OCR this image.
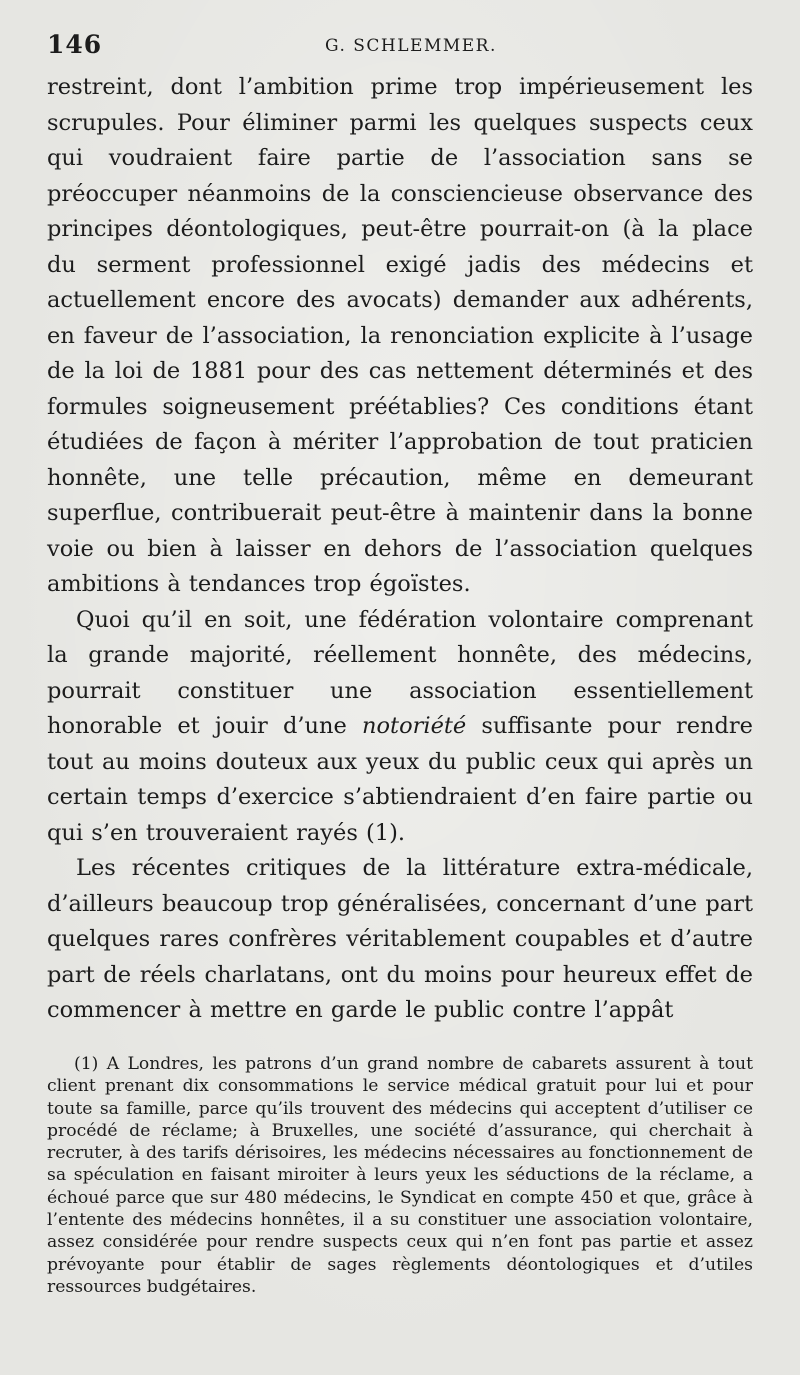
146	G. SCHLEMMER.

restreint, dont l’ambition prime trop impérieusement les scrupules. Pour éliminer parmi les quelques suspects ceux qui voudraient faire partie de l’association sans se préoccuper néanmoins de la consciencieuse observance des principes déontologiques, peut-être pourrait-on (à la place du serment professionnel exigé jadis des médecins et actuellement encore des avocats) demander aux adhérents, en faveur de l’association, la renonciation explicite à l’usage de la loi de 1881 pour des cas nettement déterminés et des formules soigneusement préétablies? Ces conditions étant étudiées de façon à mériter l’approbation de tout praticien honnête, une telle précaution, même en demeurant superflue, contribuerait peut-être à maintenir dans la bonne voie ou bien à laisser en dehors de l’association quelques ambitions à tendances trop égoïstes.

Quoi qu’il en soit, une fédération volontaire comprenant la grande majorité, réellement honnête, des médecins, pourrait constituer une association essentiellement honorable et jouir d’une notoriété suffisante pour rendre tout au moins douteux aux yeux du public ceux qui après un certain temps d’exercice s’abtiendraient d’en faire partie ou qui s’en trouveraient rayés (1).

Les récentes critiques de la littérature extra-médicale, d’ailleurs beaucoup trop généralisées, concernant d’une part quelques rares confrères véritablement coupables et d’autre part de réels charlatans, ont du moins pour heureux effet de commencer à mettre en garde le public contre l’appât

(1) A Londres, les patrons d’un grand nombre de cabarets assurent à tout client prenant dix consommations le service médical gratuit pour lui et pour toute sa famille, parce qu’ils trouvent des médecins qui acceptent d’utiliser ce procédé de réclame; à Bruxelles, une société d’assurance, qui cherchait à recruter, à des tarifs dérisoires, les médecins nécessaires au fonctionnement de sa spéculation en faisant miroiter à leurs yeux les séductions de la réclame, a échoué parce que sur 480 médecins, le Syndicat en compte 450 et que, grâce à l’entente des médecins honnêtes, il a su constituer une association volontaire, assez considérée pour rendre suspects ceux qui n’en font pas partie et assez prévoyante pour établir de sages règlements déontologiques et d’utiles ressources budgétaires.
